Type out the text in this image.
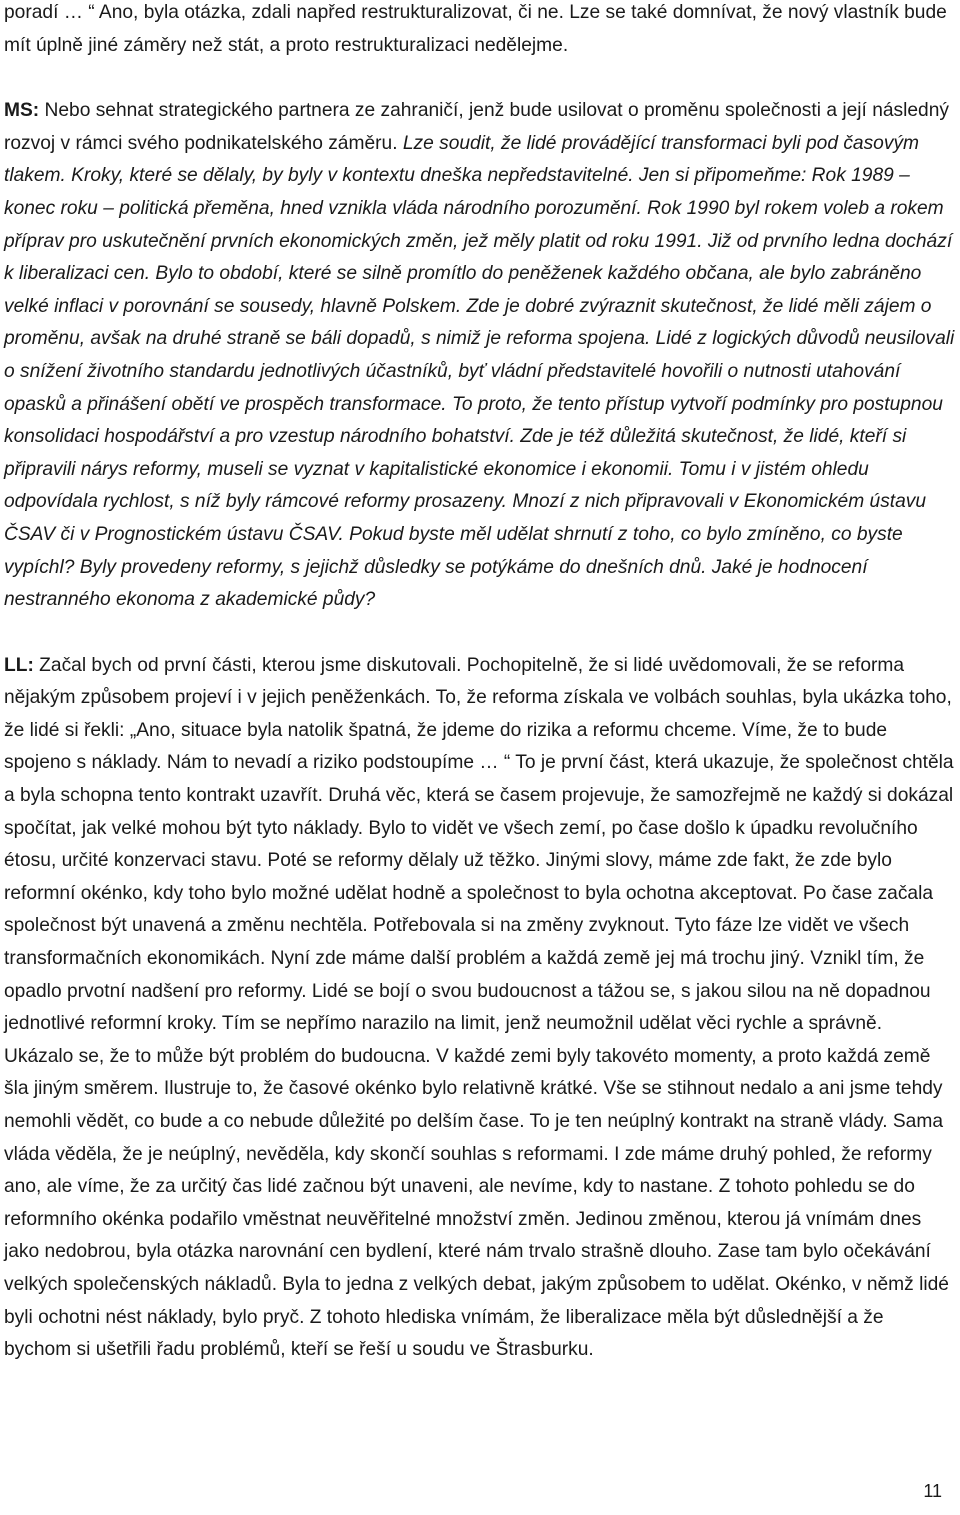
poradí … “ Ano, byla otázka, zdali napřed restrukturalizovat, či ne. Lze se také domnívat, že nový vlastník bude mít úplně jiné záměry než stát, a proto restrukturalizaci nedělejme.

MS: Nebo sehnat strategického partnera ze zahraničí, jenž bude usilovat o proměnu společnosti a její následný rozvoj v rámci svého podnikatelského záměru. Lze soudit, že lidé provádějící transformaci byli pod časovým tlakem. Kroky, které se dělaly, by byly v kontextu dneška nepředstavitelné. Jen si připomeňme: Rok 1989 – konec roku – politická přeměna, hned vznikla vláda národního porozumění. Rok 1990 byl rokem voleb a rokem příprav pro uskutečnění prvních ekonomických změn, jež měly platit od roku 1991. Již od prvního ledna dochází k liberalizaci cen. Bylo to období, které se silně promítlo do peněženek každého občana, ale bylo zabráněno velké inflaci v porovnání se sousedy, hlavně Polskem. Zde je dobré zvýraznit skutečnost, že lidé měli zájem o proměnu, avšak na druhé straně se báli dopadů, s nimiž je reforma spojena. Lidé z logických důvodů neusilovali o snížení životního standardu jednotlivých účastníků, byť vládní představitelé hovořili o nutnosti utahování opasků a přinášení obětí ve prospěch transformace. To proto, že tento přístup vytvoří podmínky pro postupnou konsolidaci hospodářství a pro vzestup národního bohatství. Zde je též důležitá skutečnost, že lidé, kteří si připravili nárys reformy, museli se vyznat v kapitalistické ekonomice i ekonomii. Tomu i v jistém ohledu odpovídala rychlost, s níž byly rámcové reformy prosazeny. Mnozí z nich připravovali v Ekonomickém ústavu ČSAV či v Prognostickém ústavu ČSAV. Pokud byste měl udělat shrnutí z toho, co bylo zmíněno, co byste vypíchl? Byly provedeny reformy, s jejichž důsledky se potýkáme do dnešních dnů. Jaké je hodnocení nestranného ekonoma z akademické půdy?

LL: Začal bych od první části, kterou jsme diskutovali. Pochopitelně, že si lidé uvědomovali, že se reforma nějakým způsobem projeví i v jejich peněženkách. To, že reforma získala ve volbách souhlas, byla ukázka toho, že lidé si řekli: „Ano, situace byla natolik špatná, že jdeme do rizika a reformu chceme. Víme, že to bude spojeno s náklady. Nám to nevadí a riziko podstoupíme … “ To je první část, která ukazuje, že společnost chtěla a byla schopna tento kontrakt uzavřít. Druhá věc, která se časem projevuje, že samozřejmě ne každý si dokázal spočítat, jak velké mohou být tyto náklady. Bylo to vidět ve všech zemí, po čase došlo k úpadku revolučního étosu, určité konzervaci stavu. Poté se reformy dělaly už těžko. Jinými slovy, máme zde fakt, že zde bylo reformní okénko, kdy toho bylo možné udělat hodně a společnost to byla ochotna akceptovat. Po čase začala společnost být unavená a změnu nechtěla. Potřebovala si na změny zvyknout. Tyto fáze lze vidět ve všech transformačních ekonomikách. Nyní zde máme další problém a každá země jej má trochu jiný. Vznikl tím, že opadlo prvotní nadšení pro reformy. Lidé se bojí o svou budoucnost a tážou se, s jakou silou na ně dopadnou jednotlivé reformní kroky. Tím se nepřímo narazilo na limit, jenž neumožnil udělat věci rychle a správně. Ukázalo se, že to může být problém do budoucna. V každé zemi byly takovéto momenty, a proto každá země šla jiným směrem. Ilustruje to, že časové okénko bylo relativně krátké. Vše se stihnout nedalo a ani jsme tehdy nemohli vědět, co bude a co nebude důležité po delším čase. To je ten neúplný kontrakt na straně vlády. Sama vláda věděla, že je neúplný, nevěděla, kdy skončí souhlas s reformami. I zde máme druhý pohled, že reformy ano, ale víme, že za určitý čas lidé začnou být unaveni, ale nevíme, kdy to nastane. Z tohoto pohledu se do reformního okénka podařilo vměstnat neuvěřitelné množství změn. Jedinou změnou, kterou já vnímám dnes jako nedobrou, byla otázka narovnání cen bydlení, které nám trvalo strašně dlouho. Zase tam bylo očekávání velkých společenských nákladů. Byla to jedna z velkých debat, jakým způsobem to udělat. Okénko, v němž lidé byli ochotni nést náklady, bylo pryč. Z tohoto hlediska vnímám, že liberalizace měla být důslednější a že bychom si ušetřili řadu problémů, kteří se řeší u soudu ve Štrasburku.

11
